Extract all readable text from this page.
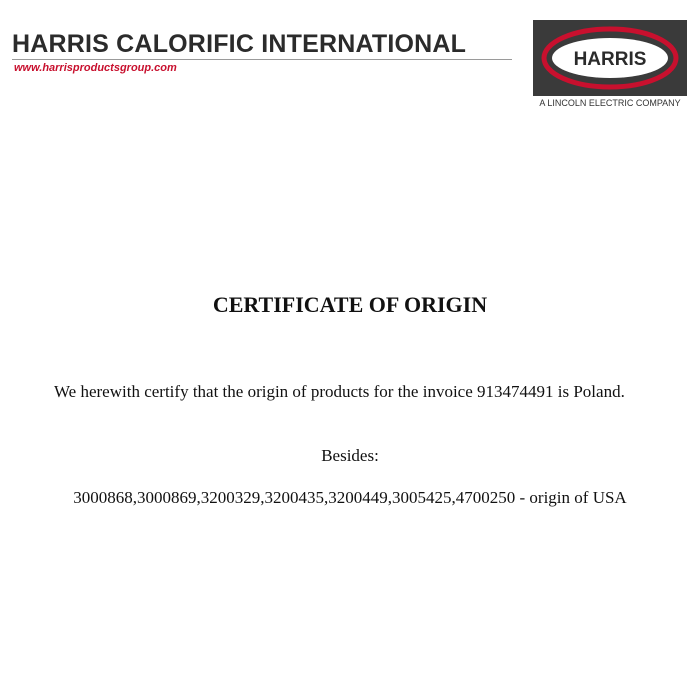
HARRIS CALORIFIC INTERNATIONAL
www.harrisproductsgroup.com	HARRIS
A LINCOLN ELECTRIC COMPANY
CERTIFICATE OF ORIGIN
We herewith certify that the origin of products for the invoice 913474491 is Poland.
Besides:
3000868,3000869,3200329,3200435,3200449,3005425,4700250 - origin of USA
